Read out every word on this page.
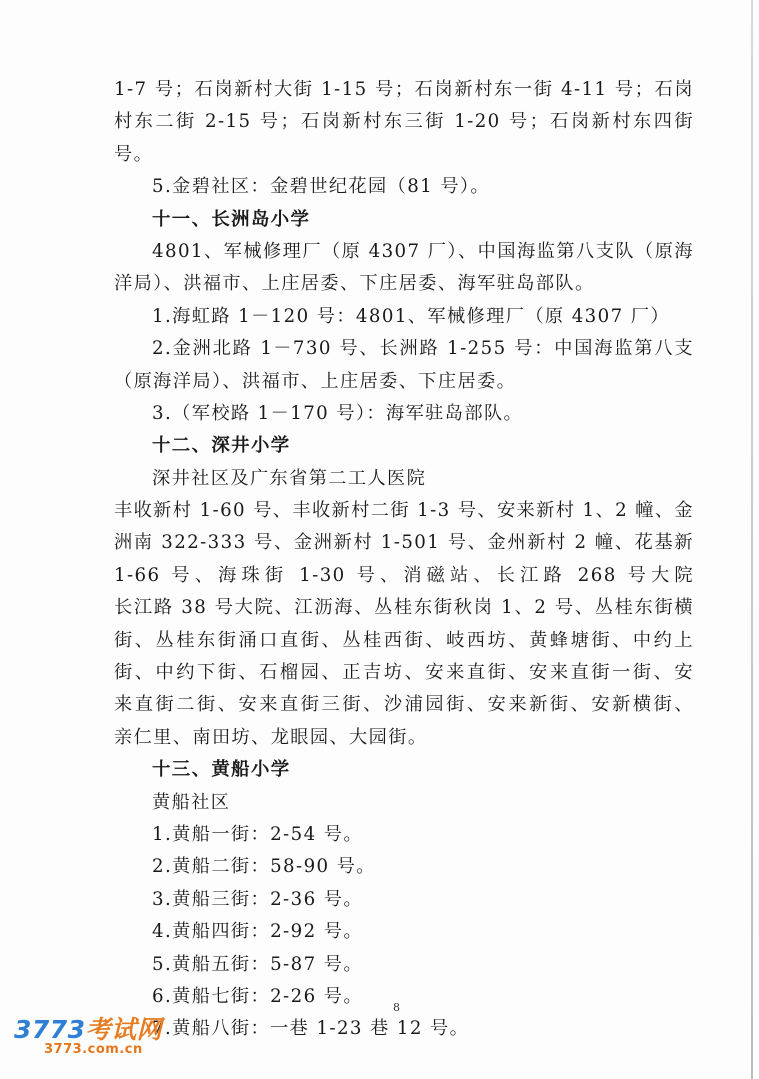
1-7 号；石岗新村大街 1-15 号；石岗新村东一街 4-11 号；石岗
村东二街 2-15 号；石岗新村东三街 1-20 号；石岗新村东四街
号。
5.金碧社区：金碧世纪花园（81 号）。
十一、长洲岛小学
4801、军械修理厂（原 4307 厂）、中国海监第八支队（原海
洋局）、洪福市、上庄居委、下庄居委、海军驻岛部队。
1.海虹路 1－120 号：4801、军械修理厂（原 4307 厂）
2.金洲北路 1－730 号、长洲路 1-255 号：中国海监第八支
（原海洋局）、洪福市、上庄居委、下庄居委。
3.（军校路 1－170 号）：海军驻岛部队。
十二、深井小学
深井社区及广东省第二工人医院
丰收新村 1-60 号、丰收新村二街 1-3 号、安来新村 1、2 幢、金
洲南 322-333 号、金洲新村 1-501 号、金州新村 2 幢、花基新
1-66 号、海珠街 1-30 号、消磁站、长江路 268 号大院
长江路 38 号大院、江沥海、丛桂东街秋岗 1、2 号、丛桂东街横
街、丛桂东街涌口直街、丛桂西街、岐西坊、黄蜂塘街、中约上
街、中约下街、石榴园、正吉坊、安来直街、安来直街一街、安
来直街二街、安来直街三街、沙浦园街、安来新街、安新横街、
亲仁里、南田坊、龙眼园、大园街。
十三、黄船小学
黄船社区
1.黄船一街：2-54 号。
2.黄船二街：58-90 号。
3.黄船三街：2-36 号。
4.黄船四街：2-92 号。
5.黄船五街：5-87 号。
6.黄船七街：2-26 号。
7.黄船八街：一巷 1-23 巷 12 号。
8
3773考试网
3773.com.cn
